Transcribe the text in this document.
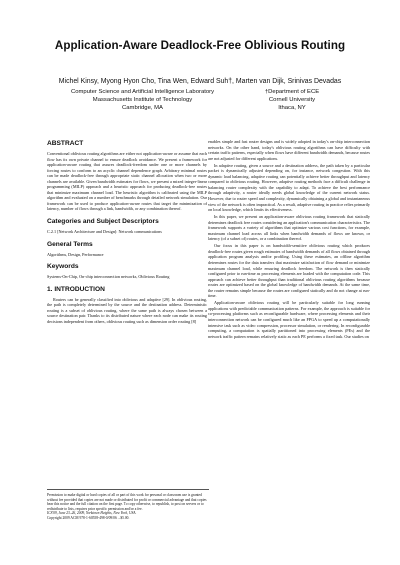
Application-Aware Deadlock-Free Oblivious Routing
Michel Kinsy, Myong Hyon Cho, Tina Wen, Edward Suh†, Marten van Dijk, Srinivas Devadas
Computer Science and Artificial Intelligence Laboratory
Massachusetts Institute of Technology
Cambridge, MA
†Department of ECE
Cornell University
Ithaca, NY
ABSTRACT

Conventional oblivious routing algorithms are either not application-aware or assume that each flow has its own private channel to ensure deadlock avoidance. We present a framework for application-aware routing that assures deadlock-freedom under one or more channels by forcing routes to conform to an acyclic channel dependence graph. Arbitrary minimal routes can be made deadlock-free through appropriate static channel allocation when two or more channels are available. Given bandwidth estimates for flows, we present a mixed integer-linear programming (MILP) approach and a heuristic approach for producing deadlock-free routes that minimize maximum channel load. The heuristic algorithm is calibrated using the MILP algorithm and evaluated on a number of benchmarks through detailed network simulation. Our framework can be used to produce application-aware routes that target the minimization of latency, number of flows through a link, bandwidth, or any combination thereof.

Categories and Subject Descriptors

C.2.1 [Network Architecture and Design]: Network communications

General Terms

Algorithms, Design, Performance

Keywords

Systems-On-Chip, On-chip interconnection networks, Oblivious Routing

1. INTRODUCTION

Routers can be generally classified into oblivious and adaptive [29]. In oblivious routing, the path is completely determined by the source and the destination address. Deterministic routing is a subset of oblivious routing, where the same path is always chosen between a source destination pair. Thanks to its distributed nature where each node can make its routing decisions independent from others, oblivious routing such as dimension order routing [8]

Permission to make digital or hard copies of all or part of this work for personal or classroom use is granted without fee provided that copies are not made or distributed for profit or commercial advantage and that copies bear this notice and the full citation on the first page. To copy otherwise, to republish, to post on servers or to redistribute to lists, requires prior specific permission and/or a fee.
ICS'09, June 23–26, 2009, Yorktown Heights, New York, USA.
Copyright 2009 ACM 978-1-60558-498-0/09/06 ...$5.00.

enables simple and fast router designs and is widely adopted in today's on-chip interconnection networks. On the other hand, today's oblivious routing algorithms can have difficulty with certain traffic patterns, especially when flows have different bandwidth demands, because routes are not adjusted for different applications.

In adaptive routing, given a source and a destination address, the path taken by a particular packet is dynamically adjusted depending on, for instance, network congestion. With this dynamic load balancing, adaptive routing can potentially achieve better throughput and latency compared to oblivious routing. However, adaptive routing methods face a difficult challenge in balancing router complexity with the capability to adapt. To achieve the best performance through adaptivity, a router ideally needs global knowledge of the current network status. However, due to router speed and complexity, dynamically obtaining a global and instantaneous view of the network is often impractical. As a result, adaptive routing in practice relies primarily on local knowledge, which limits its effectiveness.

In this paper, we present an application-aware oblivious routing framework that statically determines deadlock free routes considering an application's communication characteristics. The framework supports a variety of algorithms that optimize various cost functions, for example, maximum channel load across all links when bandwidth demands of flows are known, or latency (of a subset of) routes, or a combination thereof.

Our focus in this paper is on bandwidth-sensitive oblivious routing which produces deadlock-free routes given rough estimates of bandwidth demands of all flows obtained through application program analysis and/or profiling. Using these estimates, an offline algorithm determines routes for the data transfers that maximize satisfaction of flow demand or minimize maximum channel load, while ensuring deadlock freedom. The network is then statically configured prior to run-time as processing elements are loaded with the computation code. This approach can achieve better throughput than traditional oblivious routing algorithms because routes are optimized based on the global knowledge of bandwidth demands. At the same time, the router remains simple because the routes are configured statically and do not change at run-time.

Application-aware oblivious routing will be particularly suitable for long running applications with predictable communication patterns. For example, the approach is suitable for co-processing platforms such as reconfigurable hardware, where processing elements and their interconnection network can be configured much like an FPGA to speed up a computationally intensive task such as video compression, processor simulation, or rendering. In reconfigurable computing, a computation is spatially partitioned into processing elements (PEs) and the network traffic pattern remains relatively static as each PE performs a fixed task. Our studies on
